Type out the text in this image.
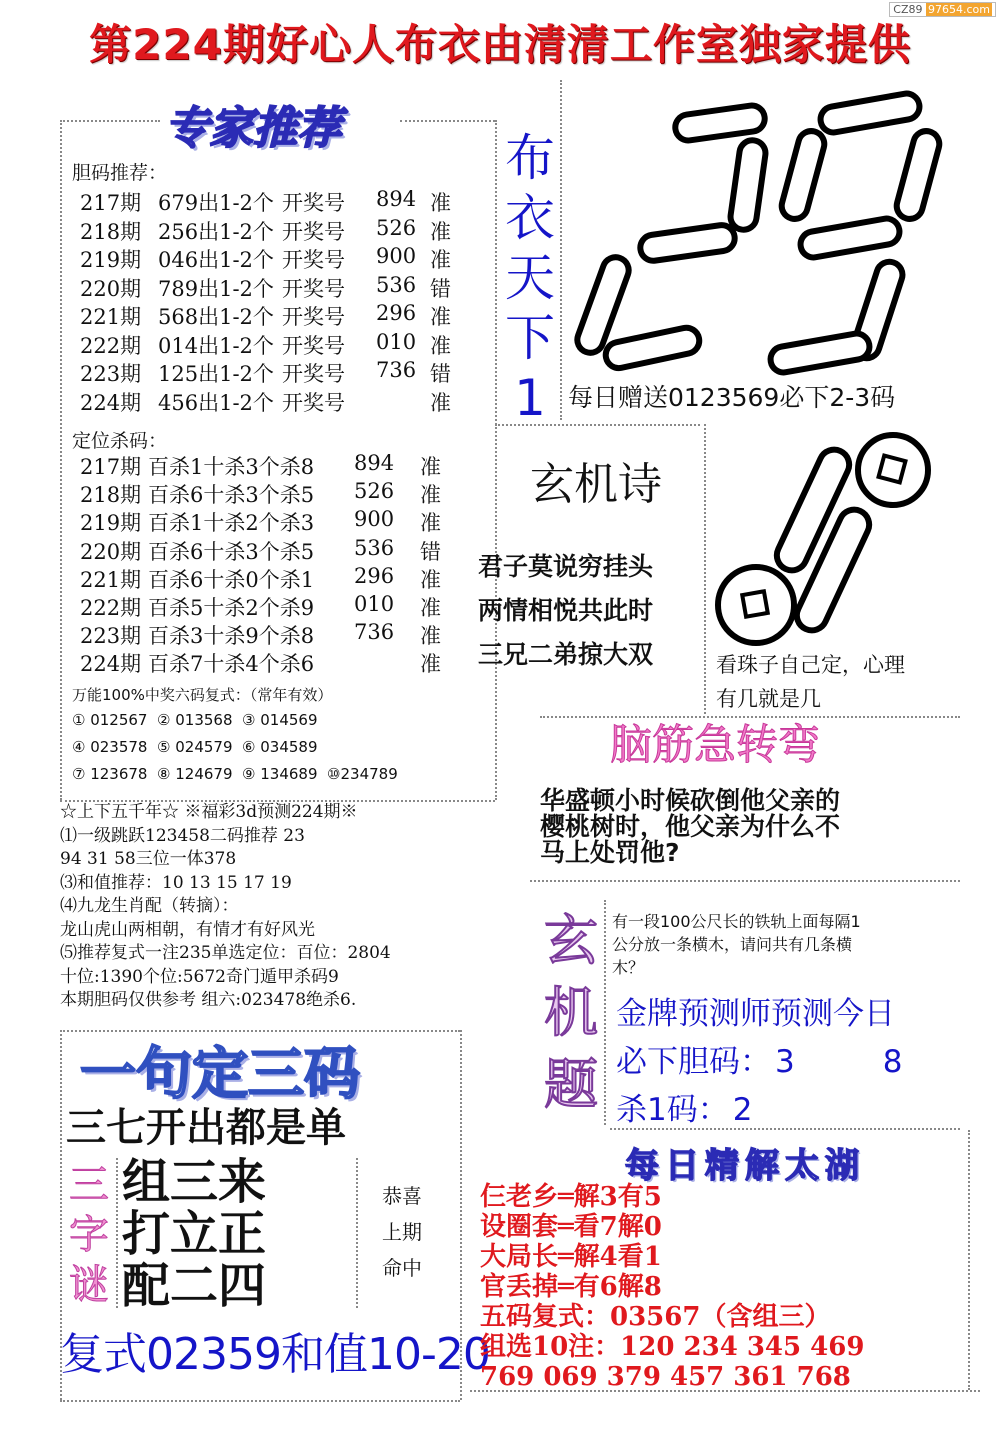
第224期好心人布衣由清清工作室独家提供
CZ89 97654.com
专家推荐
胆码推荐：
217期 679出1-2个 开奖号 894 准
218期 256出1-2个 开奖号 526 准
219期 046出1-2个 开奖号 900 准
220期 789出1-2个 开奖号 536 错
221期 568出1-2个 开奖号 296 准
222期 014出1-2个 开奖号 010 准
223期 125出1-2个 开奖号 736 错
224期 456出1-2个 开奖号	准
定位杀码：
217期 百杀1十杀3个杀8 894 准
218期 百杀6十杀3个杀5 526 准
219期 百杀1十杀2个杀3 900 准
220期 百杀6十杀3个杀5 536 错
221期 百杀6十杀0个杀1 296 准
222期 百杀5十杀2个杀9 010 准
223期 百杀3十杀9个杀8 736 准
224期 百杀7十杀4个杀6	准
万能100%中奖六码复式：（常年有效）
① 012567  ② 013568  ③ 014569
④ 023578  ⑤ 024579  ⑥ 034589
⑦ 123678  ⑧ 124679  ⑨ 134689  ⑩234789
☆上下五千年☆ ※福彩3d预测224期※
⑴一级跳跃123458二码推荐 23
94 31 58三位一体378
⑶和值推荐：10 13 15 17 19
⑷九龙生肖配（转摘）：
龙山虎山两相朝，有情才有好风光
⑸推荐复式一注235单选定位：百位：2804
十位:1390个位:5672奇门遁甲杀码9
本期胆码仅供参考 组六:023478绝杀6.
一句定三码
三七开出都是单
三
字
谜
组三来
打立正
配二四
恭喜
上期
命中
复式02359和值10-20
布
衣
天
下
1 每日赠送0123569必下2-3码
玄机诗
君子莫说穷挂头
两情相悦共此时
三兄二弟掠大双	看珠子自己定，心理
有几就是几
脑筋急转弯
华盛顿小时候砍倒他父亲的
樱桃树时，他父亲为什么不
马上处罚他?
玄
机
题
有一段100公尺长的铁轨上面每隔1
公分放一条横木，请问共有几条横
木？
金牌预测师预测今日
必下胆码： 3	8
杀1码： 2
每日精解太湖
仨老乡═解3有5
设圈套═看7解0
大局长═解4看1
官丢掉═有6解8
五码复式：03567（含组三）
组选10注：120 234 345 469
769 069 379 457 361 768
